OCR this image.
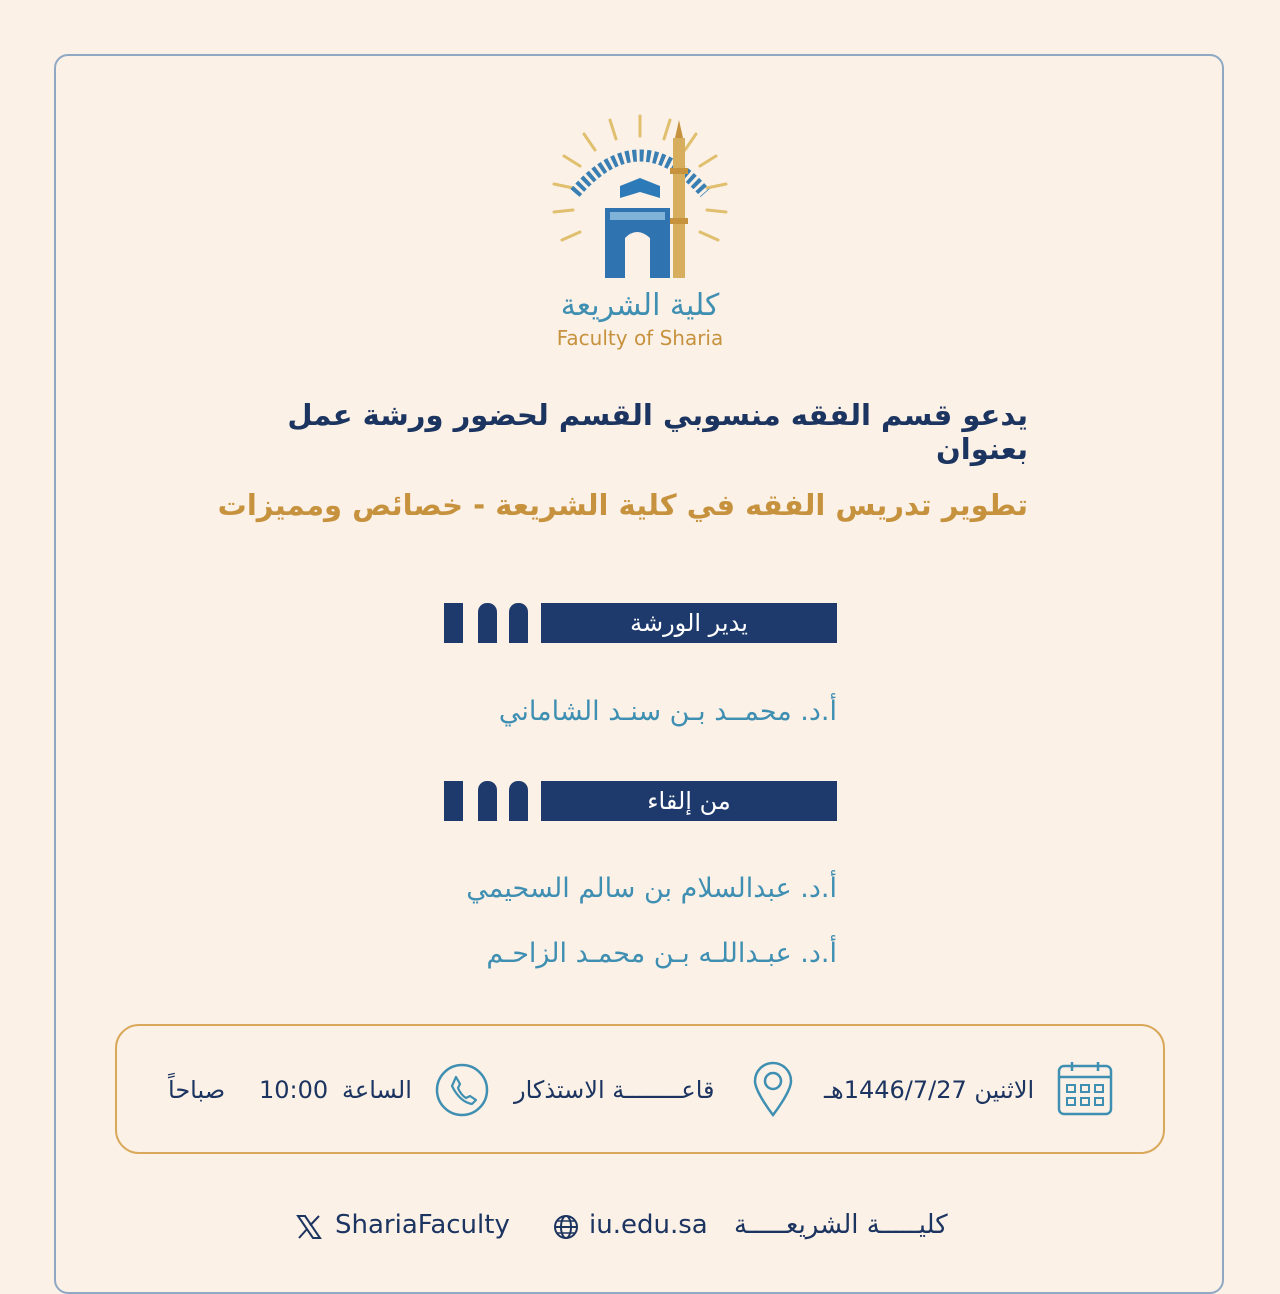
كلية الشريعة
Faculty of Sharia
يدعو قسم الفقه منسوبي القسم لحضور ورشة عمل بعنوان
تطوير تدريس الفقه في كلية الشريعة - خصائص ومميزات
يدير الورشة
أ.د. محمــد بـن سنـد الشاماني
من إلقاء
أ.د. عبدالسلام بن سالم السحيمي
أ.د. عبـداللـه بـن محمـد الزاحـم
الاثنين 1446/7/27هـ
قاعــــــــة الاستذكار
الساعة
10:00
صباحاً
كليـــــة الشريعـــــة
iu.edu.sa
ShariaFaculty
